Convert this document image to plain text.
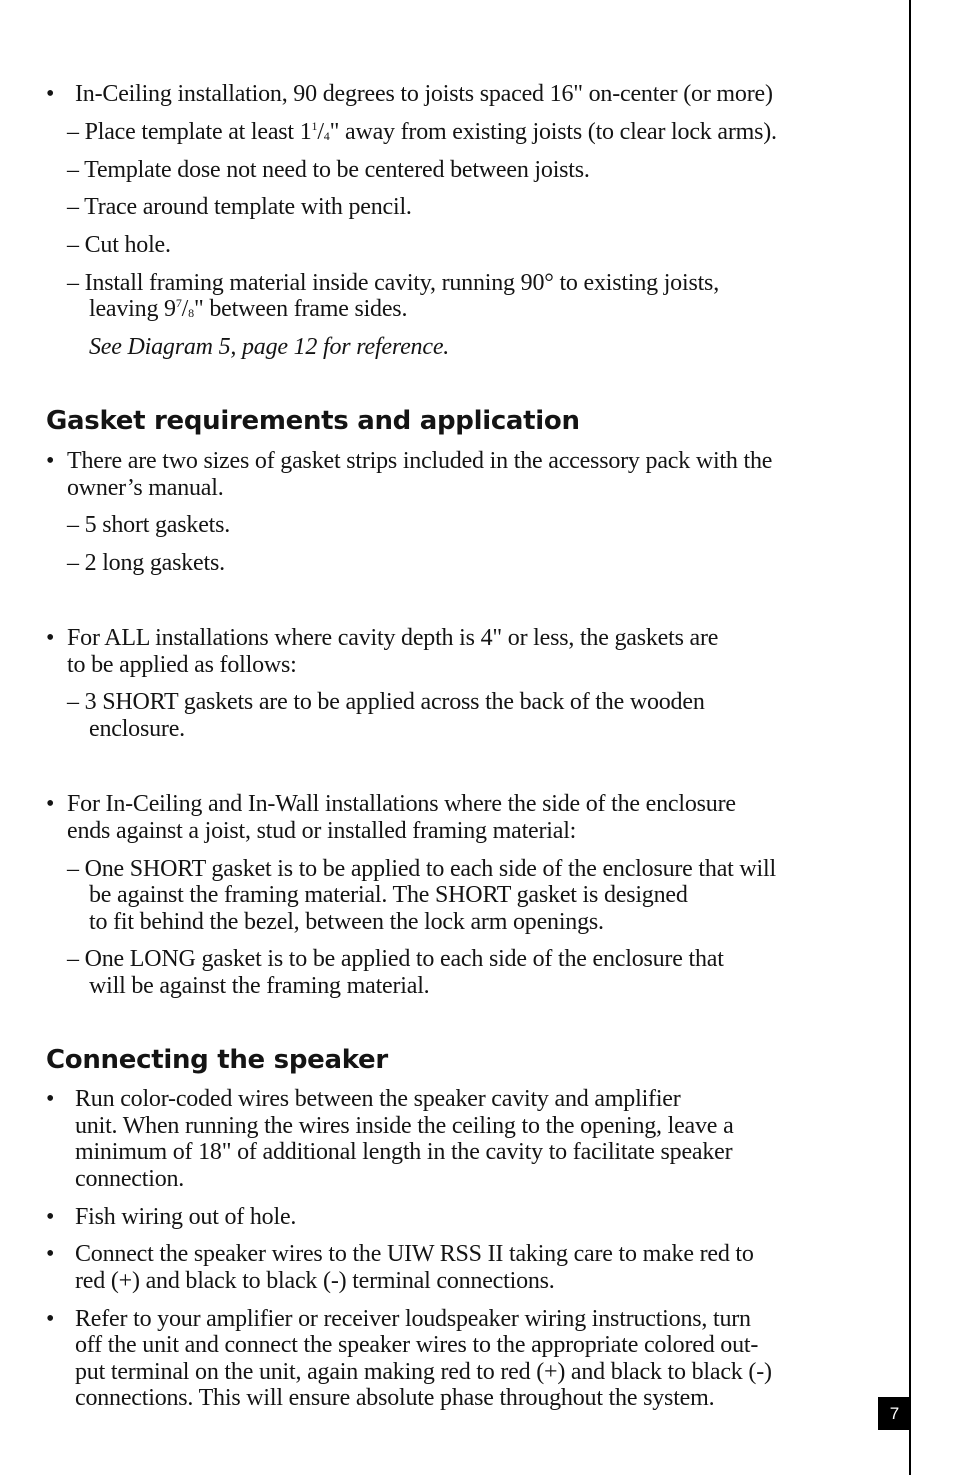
7
• In-Ceiling installation, 90 degrees to joists spaced 16" on-center (or more)
– Place template at least $1^1/_4$" away from existing joists (to clear lock arms).
– Template dose not need to be centered between joists.
– Trace around template with pencil.
– Cut hole.
– Install framing material inside cavity, running 90° to existing joists,
leaving $9^7/_8$" between frame sides.
See Diagram 5, page 12 for reference.
Gasket requirements and application
• There are two sizes of gasket strips included in the accessory pack with the
owner’s manual.
– 5 short gaskets.
– 2 long gaskets.
• For ALL installations where cavity depth is 4" or less, the gaskets are
to be applied as follows:
– 3 SHORT gaskets are to be applied across the back of the wooden
enclosure.
• For In-Ceiling and In-Wall installations where the side of the enclosure
ends against a joist, stud or installed framing material:
– One SHORT gasket is to be applied to each side of the enclosure that will
be against the framing material. The SHORT gasket is designed
to fit behind the bezel, between the lock arm openings.
– One LONG gasket is to be applied to each side of the enclosure that
will be against the framing material.
Connecting the speaker
• Run color-coded wires between the speaker cavity and amplifier
unit. When running the wires inside the ceiling to the opening, leave a
minimum of 18" of additional length in the cavity to facilitate speaker
connection.
• Fish wiring out of hole.
• Connect the speaker wires to the UIW RSS II taking care to make red to
red (+) and black to black (-) terminal connections.
• Refer to your amplifier or receiver loudspeaker wiring instructions, turn
off the unit and connect the speaker wires to the appropriate colored out-
put terminal on the unit, again making red to red (+) and black to black (-)
connections. This will ensure absolute phase throughout the system.
